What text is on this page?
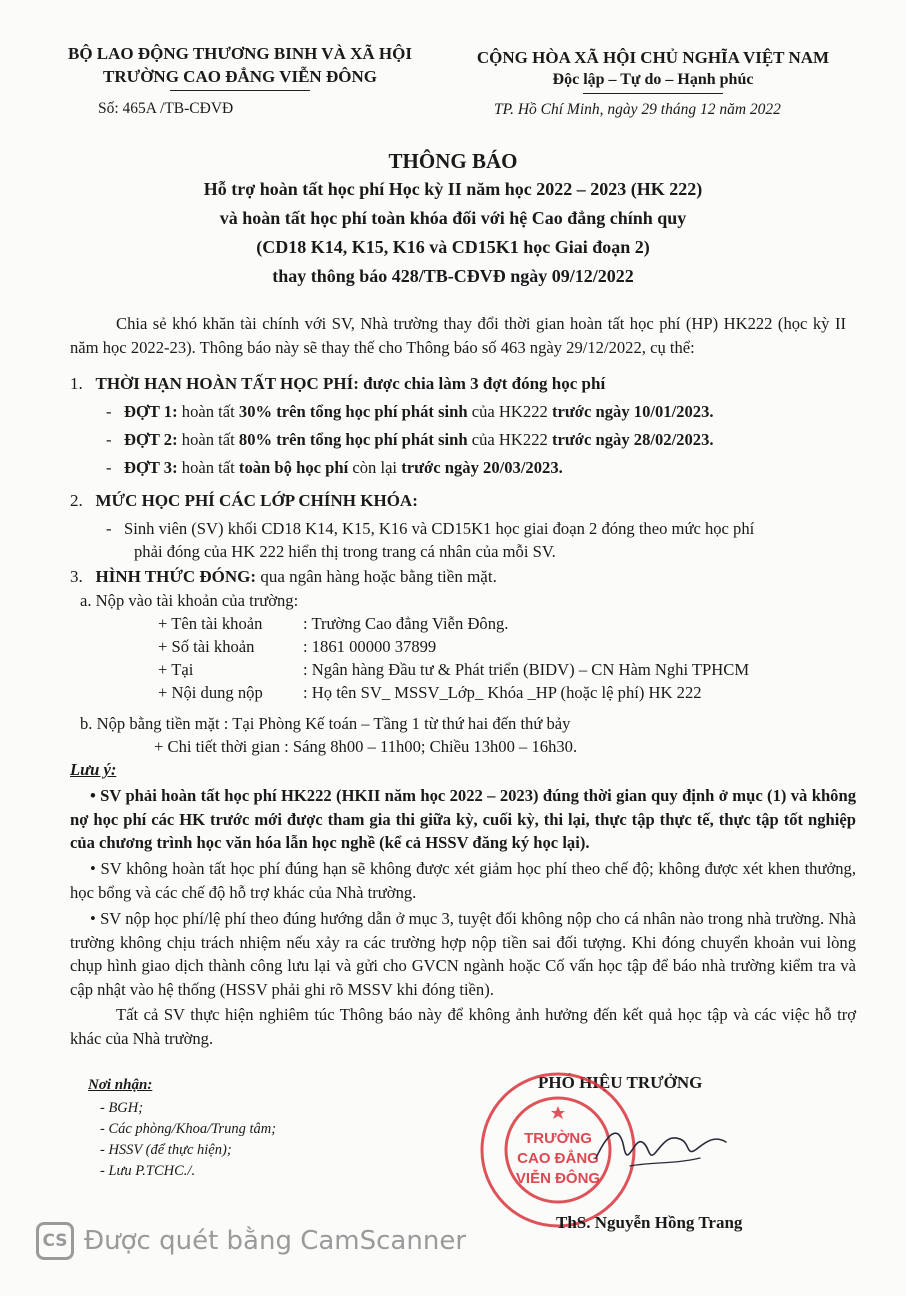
BỘ LAO ĐỘNG THƯƠNG BINH VÀ XÃ HỘI
TRƯỜNG CAO ĐẲNG VIỄN ĐÔNG
Số: 465A /TB-CĐVĐ
CỘNG HÒA XÃ HỘI CHỦ NGHĨA VIỆT NAM
Độc lập – Tự do – Hạnh phúc
TP. Hồ Chí Minh, ngày 29 tháng 12 năm 2022
THÔNG BÁO
Hỗ trợ hoàn tất học phí Học kỳ II năm học 2022 – 2023 (HK 222)
và hoàn tất học phí toàn khóa đối với hệ Cao đẳng chính quy
(CD18 K14, K15, K16 và CD15K1 học Giai đoạn 2)
thay thông báo 428/TB-CĐVĐ ngày 09/12/2022
Chia sẻ khó khăn tài chính với SV, Nhà trường thay đổi thời gian hoàn tất học phí (HP) HK222 (học kỳ II năm học 2022-23). Thông báo này sẽ thay thế cho Thông báo số 463 ngày 29/12/2022, cụ thể:
1. THỜI HẠN HOÀN TẤT HỌC PHÍ: được chia làm 3 đợt đóng học phí
- ĐỢT 1: hoàn tất 30% trên tổng học phí phát sinh của HK222 trước ngày 10/01/2023.
- ĐỢT 2: hoàn tất 80% trên tổng học phí phát sinh của HK222 trước ngày 28/02/2023.
- ĐỢT 3: hoàn tất toàn bộ học phí còn lại trước ngày 20/03/2023.
2. MỨC HỌC PHÍ CÁC LỚP CHÍNH KHÓA:
- Sinh viên (SV) khối CD18 K14, K15, K16 và CD15K1 học giai đoạn 2 đóng theo mức học phí
phải đóng của HK 222 hiển thị trong trang cá nhân của mỗi SV.
3. HÌNH THỨC ĐÓNG: qua ngân hàng hoặc bằng tiền mặt.
a. Nộp vào tài khoản của trường:
+ Tên tài khoản : Trường Cao đẳng Viễn Đông.
+ Số tài khoản	: 1861 00000 37899
+ Tại	: Ngân hàng Đầu tư & Phát triển (BIDV) – CN Hàm Nghi TPHCM
+ Nội dung nộp : Họ tên SV_ MSSV_Lớp_ Khóa _HP (hoặc lệ phí) HK 222
b. Nộp bằng tiền mặt : Tại Phòng Kế toán – Tầng 1 từ thứ hai đến thứ bảy
+ Chi tiết thời gian : Sáng 8h00 – 11h00; Chiều 13h00 – 16h30.
Lưu ý:
• SV phải hoàn tất học phí HK222 (HKII năm học 2022 – 2023) đúng thời gian quy định ở mục (1) và không nợ học phí các HK trước mới được tham gia thi giữa kỳ, cuối kỳ, thi lại, thực tập thực tế, thực tập tốt nghiệp của chương trình học văn hóa lẫn học nghề (kể cả HSSV đăng ký học lại).
• SV không hoàn tất học phí đúng hạn sẽ không được xét giảm học phí theo chế độ; không được xét khen thưởng, học bổng và các chế độ hỗ trợ khác của Nhà trường.
• SV nộp học phí/lệ phí theo đúng hướng dẫn ở mục 3, tuyệt đối không nộp cho cá nhân nào trong nhà trường. Nhà trường không chịu trách nhiệm nếu xảy ra các trường hợp nộp tiền sai đối tượng. Khi đóng chuyển khoản vui lòng chụp hình giao dịch thành công lưu lại và gửi cho GVCN ngành hoặc Cố vấn học tập để báo nhà trường kiểm tra và cập nhật vào hệ thống (HSSV phải ghi rõ MSSV khi đóng tiền).
Tất cả SV thực hiện nghiêm túc Thông báo này để không ảnh hưởng đến kết quả học tập và các việc hỗ trợ khác của Nhà trường.
Nơi nhận:
- BGH;
- Các phòng/Khoa/Trung tâm;
- HSSV (để thực hiện);
- Lưu P.TCHC./.
PHÓ HIỆU TRƯỞNG
TRƯỜNG
CAO ĐẲNG
VIỄN ĐÔNG
ThS. Nguyễn Hồng Trang
CS Được quét bằng CamScanner
